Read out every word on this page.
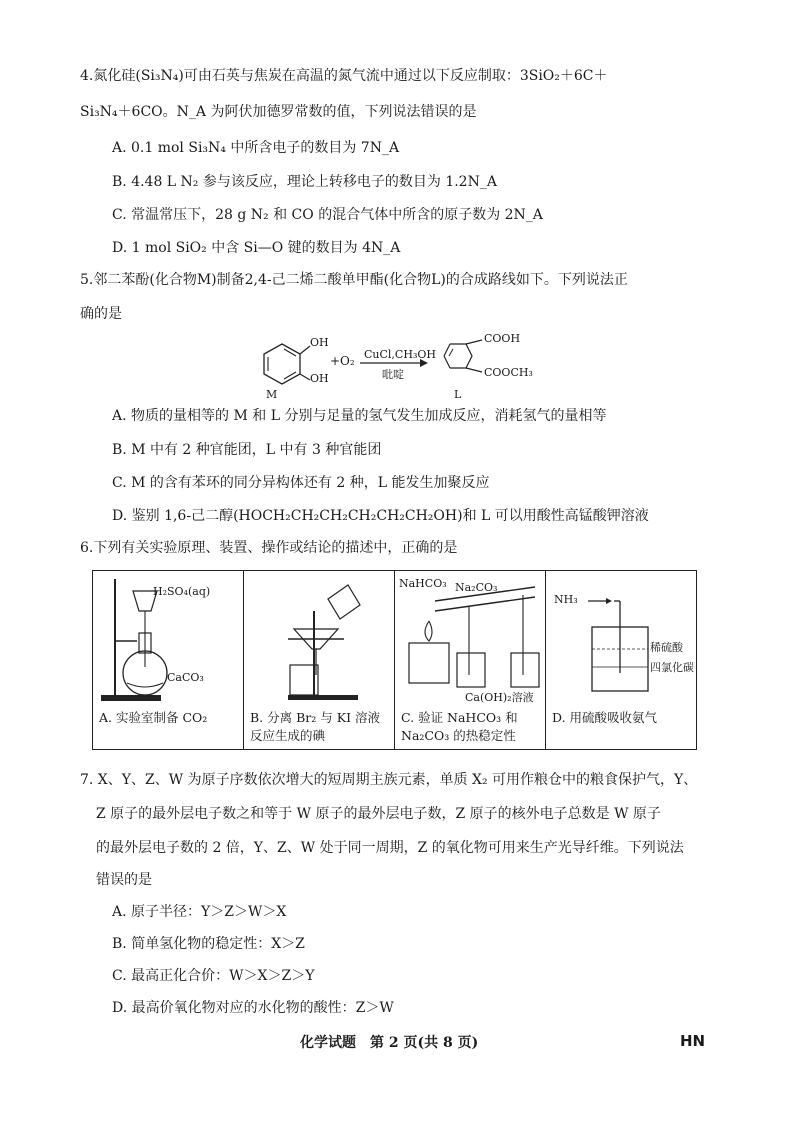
4.氮化硅(Si₃N₄)可由石英与焦炭在高温的氮气流中通过以下反应制取：3SiO₂＋6C＋
Si₃N₄＋6CO。N_A 为阿伏加德罗常数的值，下列说法错误的是
A. 0.1 mol Si₃N₄ 中所含电子的数目为 7N_A
B. 4.48 L N₂ 参与该反应，理论上转移电子的数目为 1.2N_A
C. 常温常压下，28 g N₂ 和 CO 的混合气体中所含的原子数为 2N_A
D. 1 mol SiO₂ 中含 Si—O 键的数目为 4N_A
5.邻二苯酚(化合物M)制备2,4-己二烯二酸单甲酯(化合物L)的合成路线如下。下列说法正
确的是
OH
OH
+O₂ CuCl,CH₃OH
吡啶
COOH
COOCH₃
M	L
A. 物质的量相等的 M 和 L 分别与足量的氢气发生加成反应，消耗氢气的量相等
B. M 中有 2 种官能团，L 中有 3 种官能团
C. M 的含有苯环的同分异构体还有 2 种，L 能发生加聚反应
D. 鉴别 1,6-己二醇(HOCH₂CH₂CH₂CH₂CH₂CH₂OH)和 L 可以用酸性高锰酸钾溶液
6.下列有关实验原理、装置、操作或结论的描述中，正确的是
H₂SO₄(aq)
CaCO₃
A. 实验室制备 CO₂	B. 分离 Br₂ 与 KI 溶液反应生成的碘

NaHCO₃ Na₂CO₃
Ca(OH)₂溶液
C. 验证 NaHCO₃ 和 Na₂CO₃ 的热稳定性

NH₃
稀硫酸
四氯化碳
D. 用硫酸吸收氨气
7. X、Y、Z、W 为原子序数依次增大的短周期主族元素，单质 X₂ 可用作粮仓中的粮食保护气，Y、
Z 原子的最外层电子数之和等于 W 原子的最外层电子数，Z 原子的核外电子总数是 W 原子
的最外层电子数的 2 倍，Y、Z、W 处于同一周期，Z 的氧化物可用来生产光导纤维。下列说法
错误的是
A. 原子半径：Y＞Z＞W＞X
B. 简单氢化物的稳定性：X＞Z
C. 最高正化合价：W＞X＞Z＞Y
D. 最高价氧化物对应的水化物的酸性：Z＞W
化学试题　第 2 页(共 8 页)	HN
